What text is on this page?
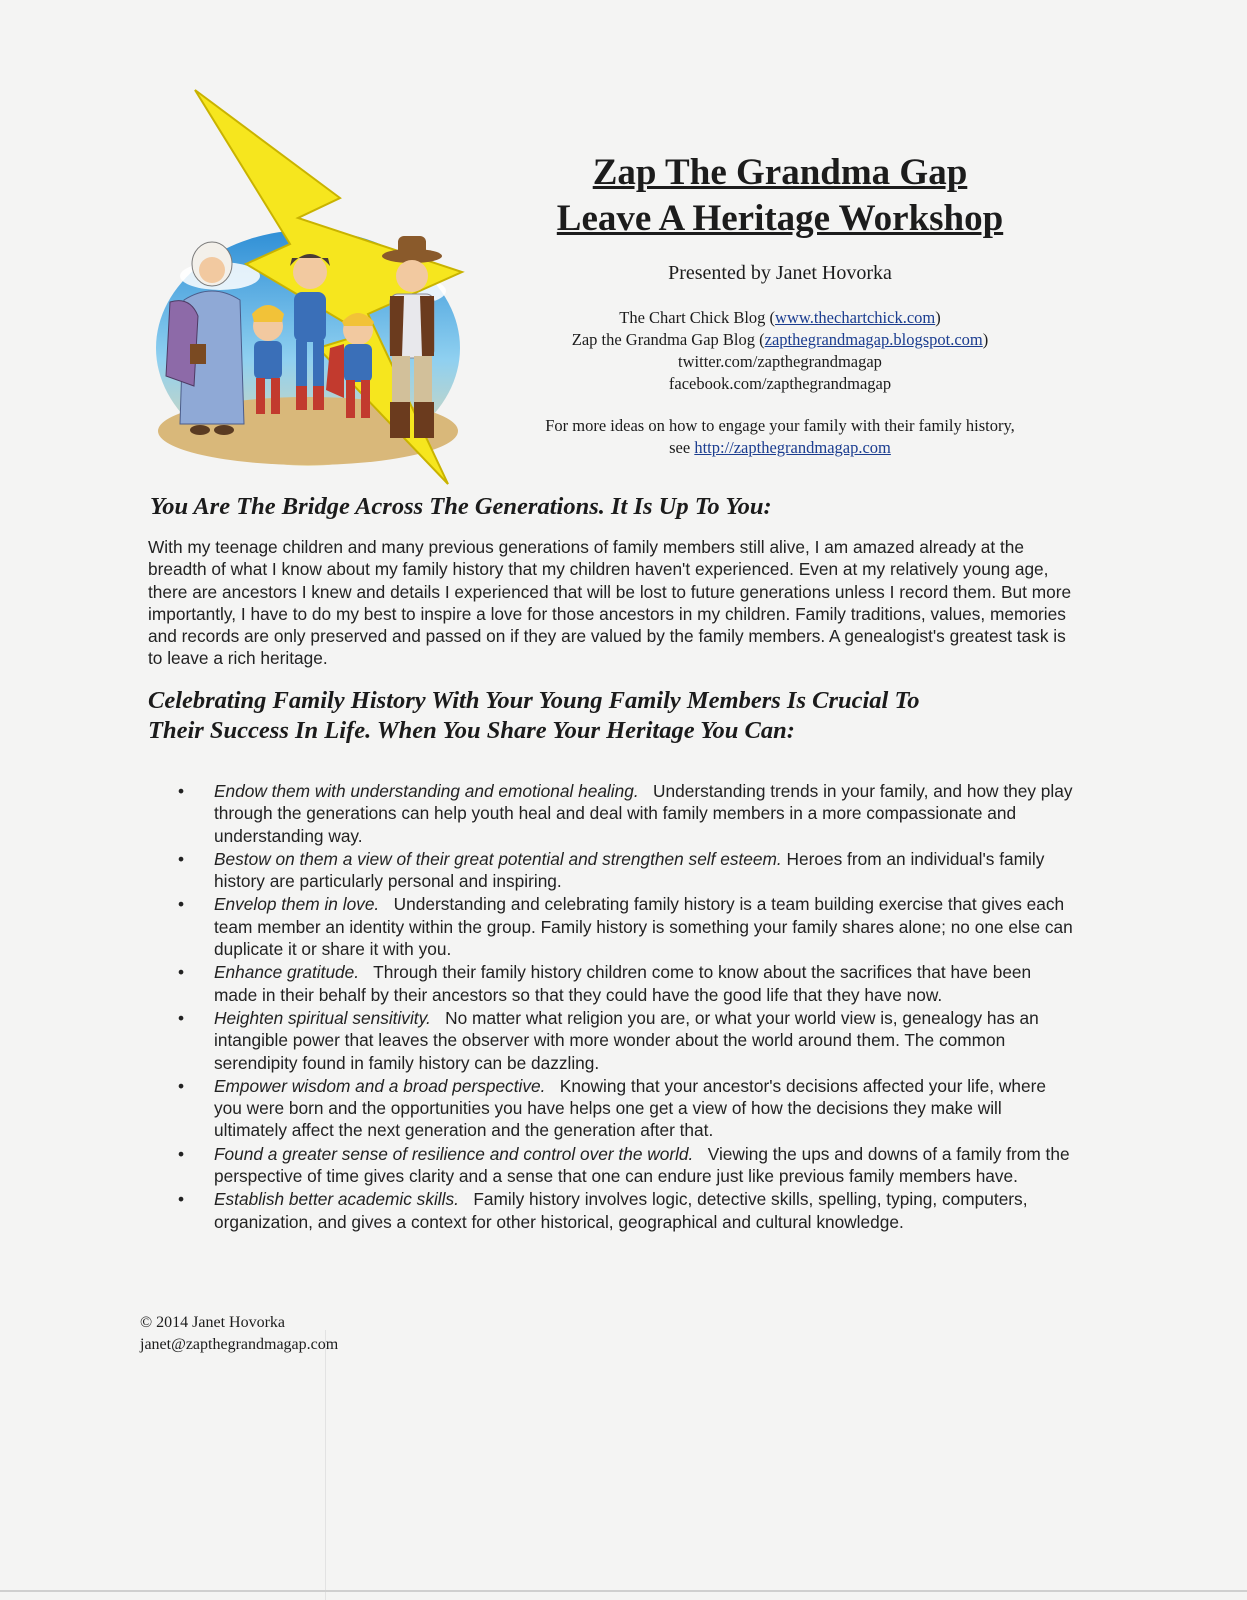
Zap The Grandma Gap
Leave A Heritage Workshop
Presented by Janet Hovorka
The Chart Chick Blog (www.thechartchick.com)
Zap the Grandma Gap Blog (zapthegrandmagap.blogspot.com)
twitter.com/zapthegrandmagap
facebook.com/zapthegrandmagap
For more ideas on how to engage your family with their family history,
see http://zapthegrandmagap.com
You Are The Bridge Across The Generations. It Is Up To You:

With my teenage children and many previous generations of family members still alive, I am amazed already at the breadth of what I know about my family history that my children haven't experienced. Even at my relatively young age, there are ancestors I knew and details I experienced that will be lost to future generations unless I record them. But more importantly, I have to do my best to inspire a love for those ancestors in my children. Family traditions, values, memories and records are only preserved and passed on if they are valued by the family members. A genealogist's greatest task is to leave a rich heritage.

Celebrating Family History With Your Young Family Members Is Crucial To
Their Success In Life. When You Share Your Heritage You Can:
• Endow them with understanding and emotional healing. Understanding trends in your family, and how they play through the generations can help youth heal and deal with family members in a more compassionate and understanding way.
• Bestow on them a view of their great potential and strengthen self esteem. Heroes from an individual's family history are particularly personal and inspiring.
• Envelop them in love. Understanding and celebrating family history is a team building exercise that gives each team member an identity within the group. Family history is something your family shares alone; no one else can duplicate it or share it with you.
• Enhance gratitude. Through their family history children come to know about the sacrifices that have been made in their behalf by their ancestors so that they could have the good life that they have now.
• Heighten spiritual sensitivity. No matter what religion you are, or what your world view is, genealogy has an intangible power that leaves the observer with more wonder about the world around them. The common serendipity found in family history can be dazzling.
• Empower wisdom and a broad perspective. Knowing that your ancestor's decisions affected your life, where you were born and the opportunities you have helps one get a view of how the decisions they make will ultimately affect the next generation and the generation after that.
• Found a greater sense of resilience and control over the world. Viewing the ups and downs of a family from the perspective of time gives clarity and a sense that one can endure just like previous family members have.
• Establish better academic skills. Family history involves logic, detective skills, spelling, typing, computers, organization, and gives a context for other historical, geographical and cultural knowledge.
© 2014 Janet Hovorka
janet@zapthegrandmagap.com
